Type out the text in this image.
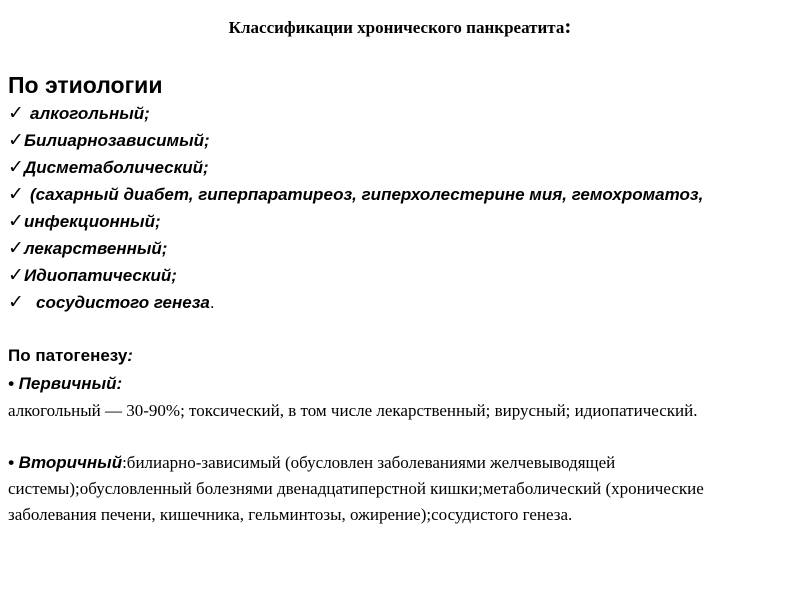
Классификации хронического панкреатита:
По этиологии
✓ алкогольный;
✓ Билиарнозависимый;
✓ Дисметаболический;
✓ (сахарный диабет, гиперпаратиреоз, гиперхолестерине мия, гемохроматоз,
✓ инфекционный;
✓ лекарственный;
✓ Идиопатический;
✓ сосудистого генеза.
По патогенезу:
• Первичный:
алкогольный — 30-90%; токсический, в том числе лекарственный; вирусный; идиопатический.
• Вторичный:билиарно-зависимый (обусловлен заболеваниями желчевыводящей системы);обусловленный болезнями двенадцатиперстной кишки;метаболический (хронические заболевания печени, кишечника, гельминтозы, ожирение);сосудистого генеза.
